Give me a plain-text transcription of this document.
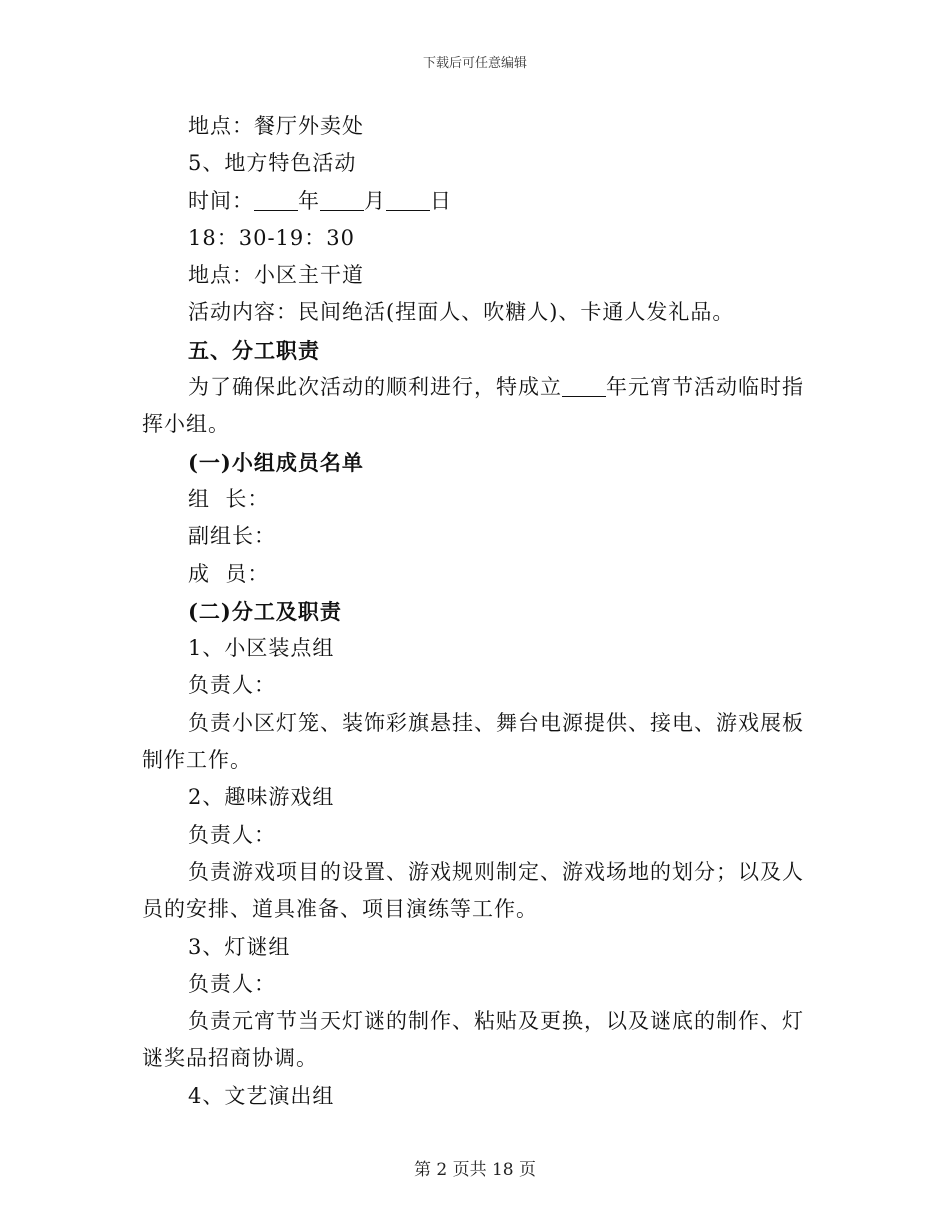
下载后可任意编辑
地点：餐厅外卖处
5、地方特色活动
时间： 年 月 日
18：30-19：30
地点：小区主干道
活动内容：民间绝活(捏面人、吹糖人)、卡通人发礼品。
五、分工职责
为了确保此次活动的顺利进行，特成立 年元宵节活动临时指
挥小组。
(一)小组成员名单
组  长：
副组长：
成  员：
(二)分工及职责
1、小区装点组
负责人：
负责小区灯笼、装饰彩旗悬挂、舞台电源提供、接电、游戏展板
制作工作。
2、趣味游戏组
负责人：
负责游戏项目的设置、游戏规则制定、游戏场地的划分；以及人
员的安排、道具准备、项目演练等工作。
3、灯谜组
负责人：
负责元宵节当天灯谜的制作、粘贴及更换，以及谜底的制作、灯
谜奖品招商协调。
4、文艺演出组
第 2 页共 18 页
